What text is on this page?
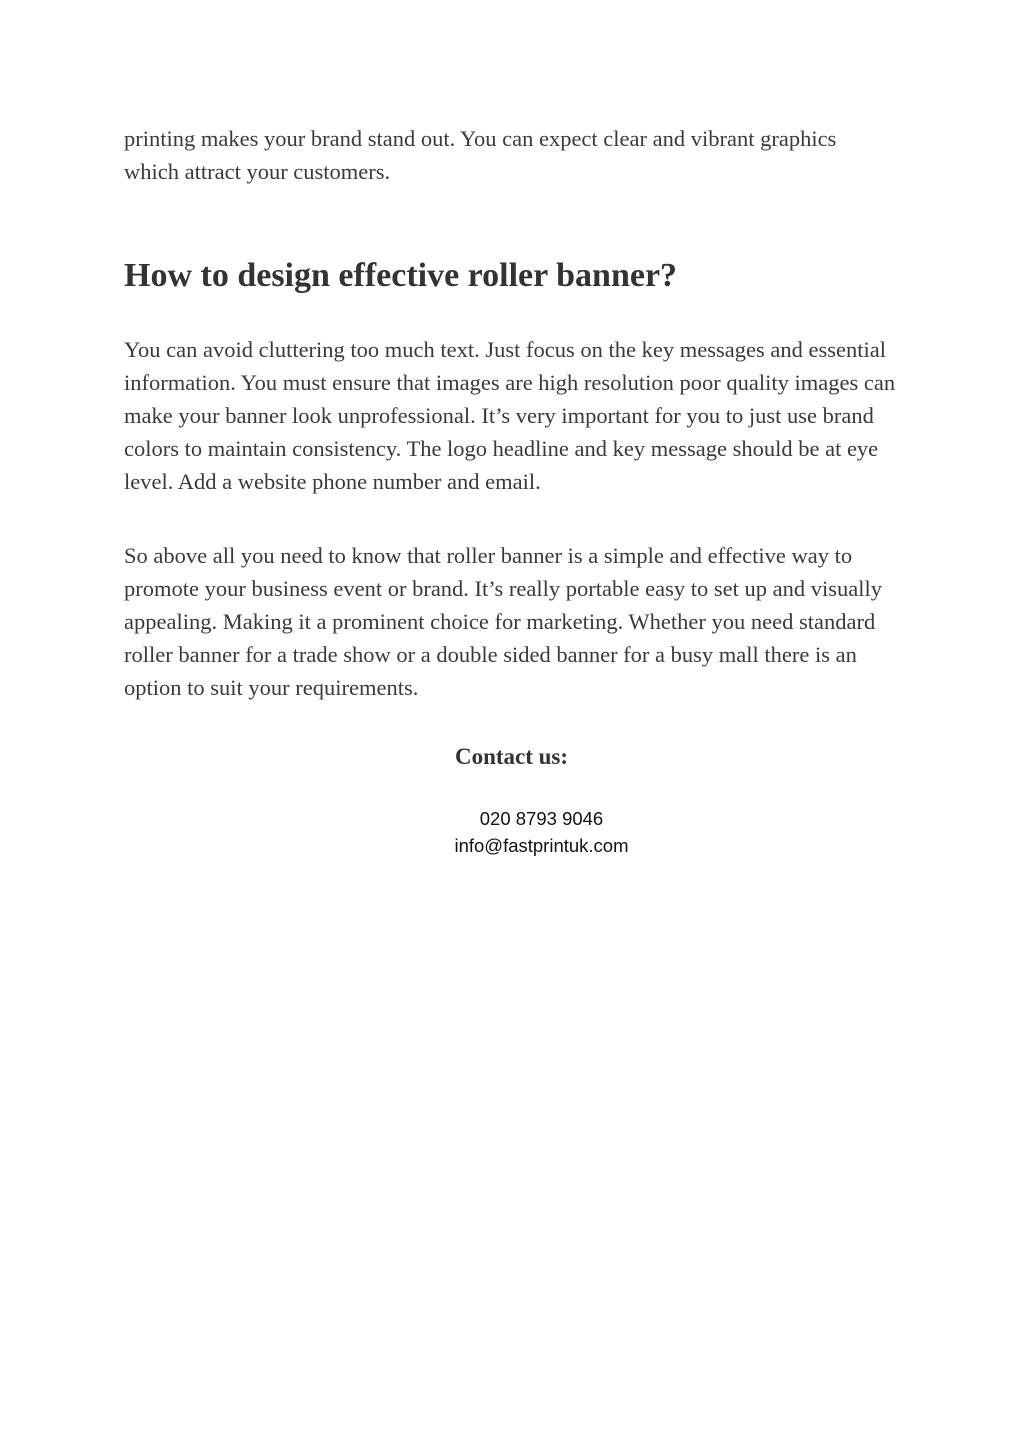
printing makes your brand stand out. You can expect clear and vibrant graphics which attract your customers.

How to design effective roller banner?

You can avoid cluttering too much text. Just focus on the key messages and essential information. You must ensure that images are high resolution poor quality images can make your banner look unprofessional. It’s very important for you to just use brand colors to maintain consistency. The logo headline and key message should be at eye level. Add a website phone number and email.

So above all you need to know that roller banner is a simple and effective way to promote your business event or brand. It’s really portable easy to set up and visually appealing. Making it a prominent choice for marketing. Whether you need standard roller banner for a trade show or a double sided banner for a busy mall there is an option to suit your requirements.

Contact us:

020 8793 9046

info@fastprintuk.com
